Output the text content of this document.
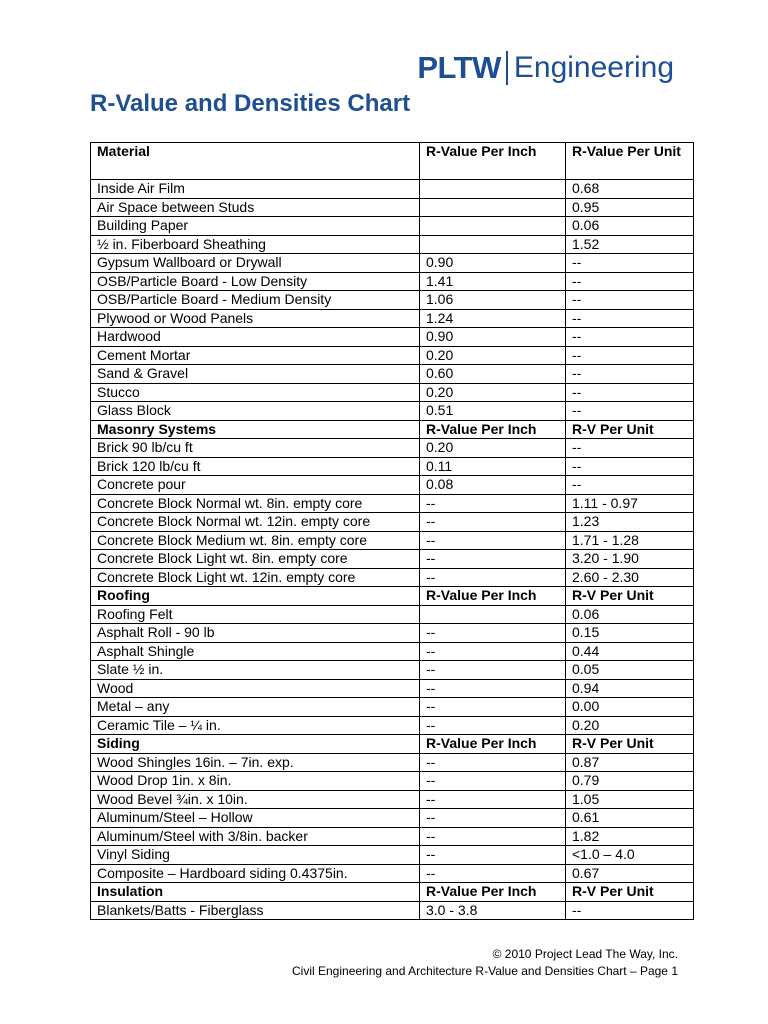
PLTW Engineering
R-Value and Densities Chart
Material	R-Value Per Inch	R-Value Per Unit
Inside Air Film		0.68
Air Space between Studs		0.95
Building Paper		0.06
½ in. Fiberboard Sheathing		1.52
Gypsum Wallboard or Drywall	0.90	--
OSB/Particle Board - Low Density	1.41	--
OSB/Particle Board - Medium Density	1.06	--
Plywood or Wood Panels	1.24	--
Hardwood	0.90	--
Cement Mortar	0.20	--
Sand & Gravel	0.60	--
Stucco	0.20	--
Glass Block	0.51	--
Masonry Systems	R-Value Per Inch	R-V Per Unit
Brick 90 lb/cu ft	0.20	--
Brick 120 lb/cu ft	0.11	--
Concrete pour	0.08	--
Concrete Block Normal wt. 8in. empty core	--	1.11 - 0.97
Concrete Block Normal wt. 12in. empty core	--	1.23
Concrete Block Medium wt. 8in. empty core	--	1.71 - 1.28
Concrete Block Light wt. 8in. empty core	--	3.20 - 1.90
Concrete Block Light wt. 12in. empty core	--	2.60 - 2.30
Roofing	R-Value Per Inch	R-V Per Unit
Roofing Felt		0.06
Asphalt Roll - 90 lb	--	0.15
Asphalt Shingle	--	0.44
Slate ½ in.	--	0.05
Wood	--	0.94
Metal – any	--	0.00
Ceramic Tile – ¼ in.	--	0.20
Siding	R-Value Per Inch	R-V Per Unit
Wood Shingles 16in. – 7in. exp.	--	0.87
Wood Drop 1in. x 8in.	--	0.79
Wood Bevel ¾in. x 10in.	--	1.05
Aluminum/Steel – Hollow	--	0.61
Aluminum/Steel with 3/8in. backer	--	1.82
Vinyl Siding	--	<1.0 – 4.0
Composite – Hardboard siding 0.4375in.	--	0.67
Insulation	R-Value Per Inch	R-V Per Unit
Blankets/Batts - Fiberglass	3.0 - 3.8	--
© 2010 Project Lead The Way, Inc.
Civil Engineering and Architecture R-Value and Densities Chart – Page 1
